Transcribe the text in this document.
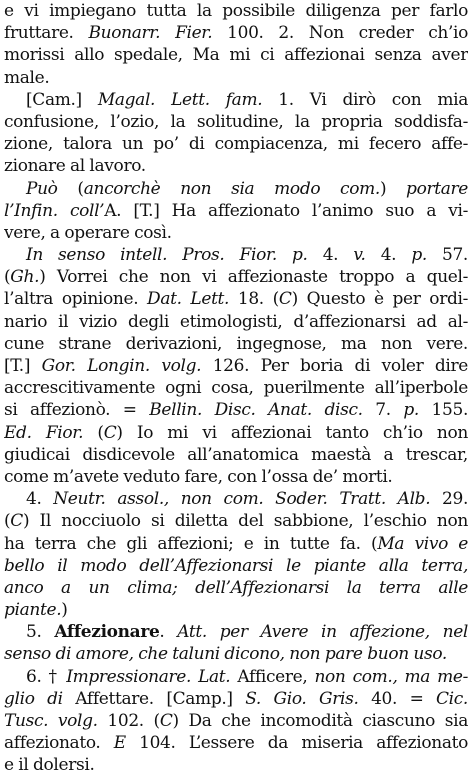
e vi impiegano tutta la possibile diligenza per farlo
fruttare. Buonarr. Fier. 100. 2. Non creder ch’io
morissi allo spedale, Ma mi ci affezionai senza aver
male.
[Cam.] Magal. Lett. fam. 1. Vi dirò con mia
confusione, l’ozio, la solitudine, la propria soddisfa-
zione, talora un po’ di compiacenza, mi fecero affe-
zionare al lavoro.
Può (ancorchè non sia modo com.) portare
l’Infin. coll’A. [T.] Ha affezionato l’animo suo a vi-
vere, a operare così.
In senso intell. Pros. Fior. p. 4. v. 4. p. 57.
(Gh.) Vorrei che non vi affezionaste troppo a quel-
l’altra opinione. Dat. Lett. 18. (C) Questo è per ordi-
nario il vizio degli etimologisti, d’affezionarsi ad al-
cune strane derivazioni, ingegnose, ma non vere.
[T.] Gor. Longin. volg. 126. Per boria di voler dire
accrescitivamente ogni cosa, puerilmente all’iperbole
si affezionò. = Bellin. Disc. Anat. disc. 7. p. 155.
Ed. Fior. (C) Io mi vi affezionai tanto ch’io non
giudicai disdicevole all’anatomica maestà a trescar,
come m’avete veduto fare, con l’ossa de’ morti.
4. Neutr. assol., non com. Soder. Tratt. Alb. 29.
(C) Il nocciuolo si diletta del sabbione, l’eschio non
ha terra che gli affezioni; e in tutte fa. (Ma vivo e
bello il modo dell’Affezionarsi le piante alla terra,
anco a un clima; dell’Affezionarsi la terra alle
piante.)
5. Affezionare. Att. per Avere in affezione, nel
senso di amore, che taluni dicono, non pare buon uso.
6. † Impressionare. Lat. Afficere, non com., ma me-
glio di Affettare. [Camp.] S. Gio. Gris. 40. = Cic.
Tusc. volg. 102. (C) Da che incomodità ciascuno sia
affezionato. E 104. L’essere da miseria affezionato
e il dolersi.
